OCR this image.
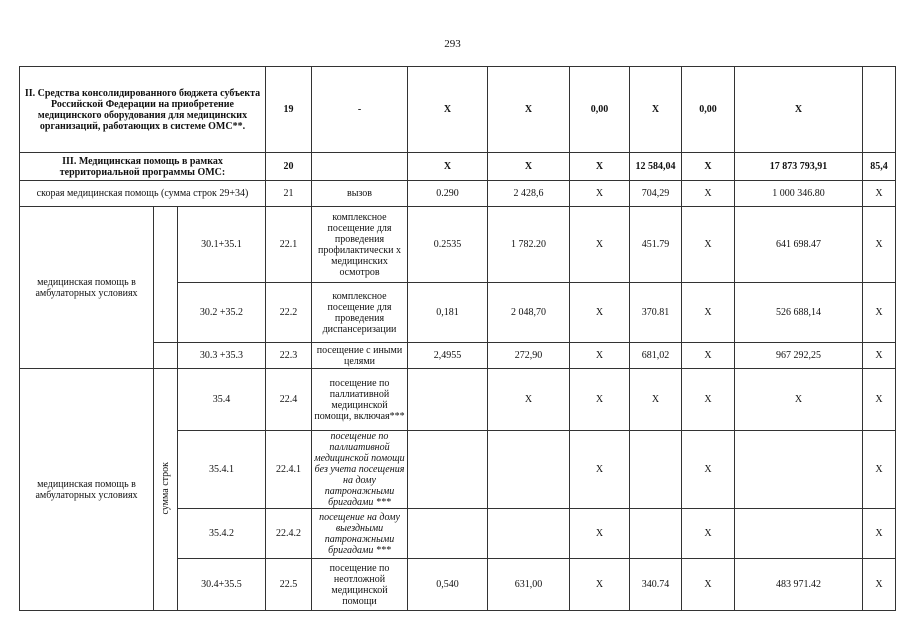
293
II. Средства консолидированного бюджета субъекта Российской Федерации на приобретение медицинского оборудования для медицинских организаций, работающих в системе ОМС**.			19	-	X	X	0,00	X	0,00	X	
III. Медицинская помощь в рамках территориальной программы ОМС:			20		X	X	X	12 584,04	X	17 873 793,91	85,4
скорая медицинская помощь (сумма строк 29+34)			21	вызов	0.290	2 428,6	X	704,29	X	1 000 346.80	X
медицинская помощь в амбулаторных условиях		30.1+35.1	22.1	комплексное посещение для проведения профилактически х медицинских осмотров	0.2535	1 782.20	X	451.79	X	641 698.47	X
		30.2 +35.2	22.2	комплексное посещение для проведения диспансеризации	0,181	2 048,70	X	370.81	X	526 688,14	X
		30.3 +35.3	22.3	посещение с иными целями	2,4955	272,90	X	681,02	X	967 292,25	X
медицинская помощь в амбулаторных условиях	сумма строк	35.4	22.4	посещение по паллиативной медицинской помощи, включая***		X	X	X	X	X	X
		35.4.1	22.4.1	посещение по паллиативной медицинской помощи без учета посещения на дому патронажными бригадами ***			X		X		X
		35.4.2	22.4.2	посещение на дому выездными патронажными бригадами ***			X		X		X
		30.4+35.5	22.5	посещение по неотложной медицинской помощи	0,540	631,00	X	340.74	X	483 971.42	X
